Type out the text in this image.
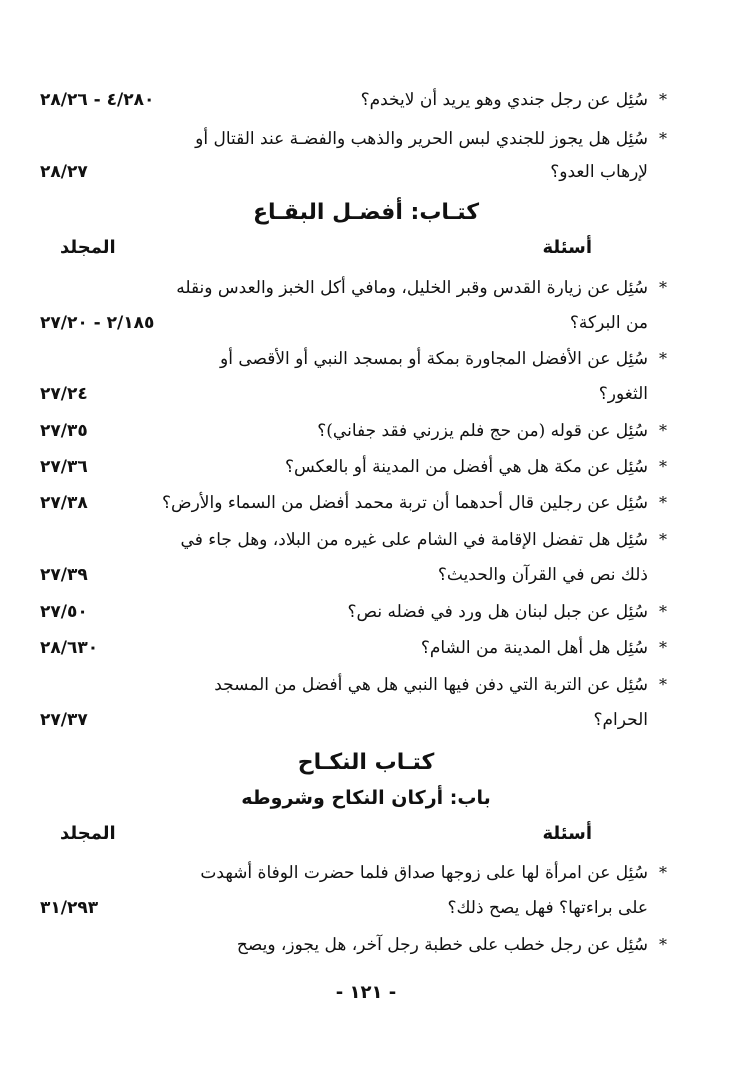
*
سُئِل عن رجل جندي وهو يريد أن لايخدم؟
٤/٢٨٠ - ٢٨/٢٦
*
سُئِل هل يجوز للجندي لبس الحرير والذهب والفضـة عند القتال أو
لإرهاب العدو؟
٢٨/٢٧
كتـاب: أفضـل البقـاع
أسئلة
المجلد
*
سُئِل عن زيارة القدس وقبر الخليل، ومافي أكل الخبز والعدس ونقله
من البركة؟
٢/١٨٥ - ٢٧/٢٠
*
سُئِل عن الأفضل المجاورة بمكة أو بمسجد النبي أو الأقصى أو
الثغور؟
٢٧/٢٤
*
سُئِل عن قوله (من حج فلم يزرني فقد جفاني)؟
٢٧/٣٥
*
سُئِل عن مكة هل هي أفضل من المدينة أو بالعكس؟
٢٧/٣٦
*
سُئِل عن رجلين قال أحدهما أن تربة محمد أفضل من السماء والأرض؟
٢٧/٣٨
*
سُئِل هل تفضل الإقامة في الشام على غيره من البلاد، وهل جاء في
ذلك نص في القرآن والحديث؟
٢٧/٣٩
*
سُئِل عن جبل لبنان هل ورد في فضله نص؟
٢٧/٥٠
*
سُئِل هل أهل المدينة من الشام؟
٢٨/٦٣٠
*
سُئِل عن التربة التي دفن فيها النبي هل هي أفضل من المسجد
الحرام؟
٢٧/٣٧
كتـاب النكـاح
باب: أركان النكاح وشروطه
أسئلة
المجلد
*
سُئِل عن امرأة لها على زوجها صداق فلما حضرت الوفاة أشهدت
على براءتها؟ فهل يصح ذلك؟
٣١/٢٩٣
*
سُئِل عن رجل خطب على خطبة رجل آخر، هل يجوز، ويصح
- ١٢١ -
